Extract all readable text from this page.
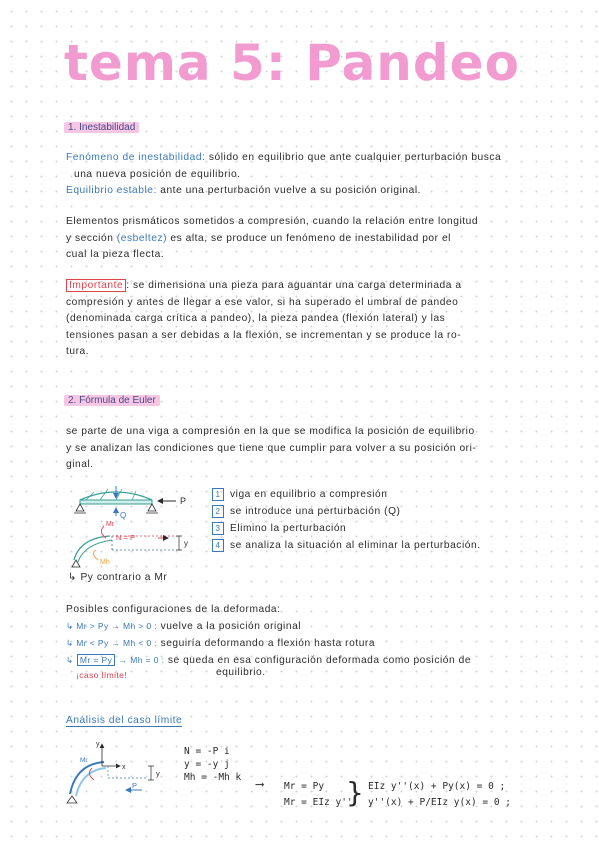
tema 5: Pandeo
1. Inestabilidad
Fenómeno de inestabilidad: sólido en equilibrio que ante cualquier perturbación busca
una nueva posición de equilibrio.
Equilibrio estable: ante una perturbación vuelve a su posición original.
Elementos prismáticos sometidos a compresión, cuando la relación entre longitud
y sección (esbeltez) es alta, se produce un fenómeno de inestabilidad por el
cual la pieza flecta.
Importante : se dimensiona una pieza para aguantar una carga determinada a
compresión y antes de llegar a ese valor, si ha superado el umbral de pandeo
(denominada carga crítica a pandeo), la pieza pandea (flexión lateral) y las
tensiones pasan a ser debidas a la flexión, se incrementan y se produce la ro-
tura.
2. Fórmula de Euler
se parte de una viga a compresión en la que se modifica la posición de equilibrio
y se analizan las condiciones que tiene que cumplir para volver a su posición ori-
ginal.
P
Q
Mr
N = P
y
Mh
1 viga en equilibrio a compresión
2 se introduce una perturbación (Q)
3 Elimino la perturbación
4 se analiza la situación al eliminar la perturbación.
↳ Py contrario a Mr
Posibles configuraciones de la deformada:
↳ Mr > Py → Mh > 0 : vuelve a la posición original
↳ Mr < Py → Mh < 0 : seguiría deformando a flexión hasta rotura
↳ Mr = Py → Mh = 0 : se queda en esa configuración deformada como posición de
¡caso límite!	equilibrio.
Análisis del caso límite
y
x
Mr
P
y
N = -P i
y = -y j
Mh = -Mh k ⟶ Mr = Py
Mr = EIz y''
} EIz y''(x) + Py(x) = 0 ;
y''(x) + P/EIz y(x) = 0 ;
